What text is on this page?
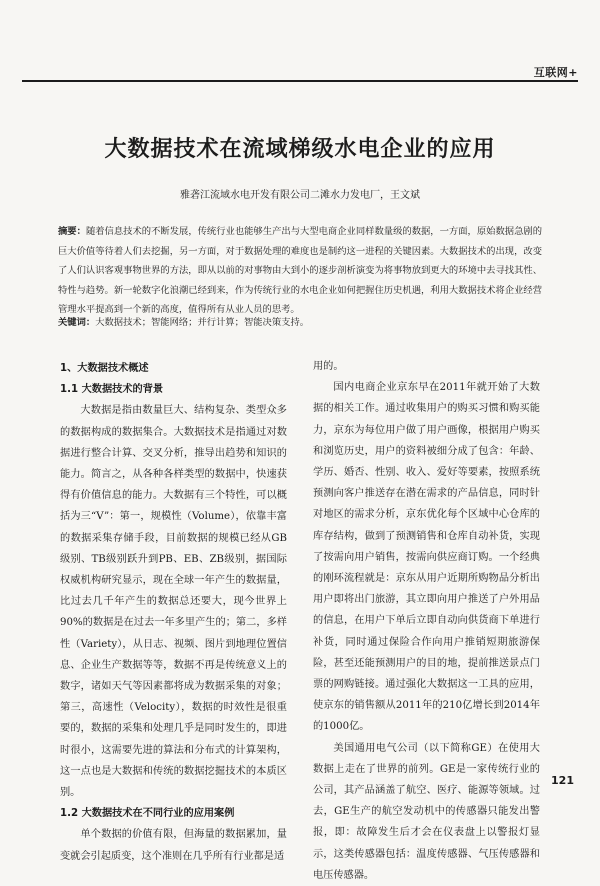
互联网+
大数据技术在流域梯级水电企业的应用
雅砻江流域水电开发有限公司二滩水力发电厂，王文斌
摘要：随着信息技术的不断发展，传统行业也能够生产出与大型电商企业同样数量级的数据，一方面，原始数据急剧的巨大价值等待着人们去挖掘，另一方面，对于数据处理的难度也是制约这一进程的关键因素。大数据技术的出现，改变了人们认识客观事物世界的方法，即从以前的对事物由大到小的逐步剖析演变为将事物放到更大的环境中去寻找其性、特性与趋势。新一轮数字化浪潮已经到来，作为传统行业的水电企业如何把握住历史机遇，利用大数据技术将企业经营管理水平提高到一个新的高度，值得所有从业人员的思考。
关键词：大数据技术；智能网络；并行计算；智能决策支持。
1、大数据技术概述
1.1 大数据技术的背景

大数据是指由数量巨大、结构复杂、类型众多的数据构成的数据集合。大数据技术是指通过对数据进行整合计算、交叉分析，推导出趋势和知识的能力。简言之，从各种各样类型的数据中，快速获得有价值信息的能力。大数据有三个特性，可以概括为三“V”：第一，规模性（Volume），依靠丰富的数据采集存储手段，目前数据的规模已经从GB级别、TB级别跃升到PB、EB、ZB级别，据国际权威机构研究显示，现在全球一年产生的数据量，比过去几千年产生的数据总还要大，现今世界上90%的数据是在过去一年多里产生的；第二，多样性（Variety），从日志、视频、图片到地理位置信息、企业生产数据等等，数据不再是传统意义上的数字，诸如天气等因素都将成为数据采集的对象；第三，高速性（Velocity），数据的时效性是很重要的，数据的采集和处理几乎是同时发生的，即进时很小，这需要先进的算法和分布式的计算架构，这一点也是大数据和传统的数据挖掘技术的本质区别。

1.2 大数据技术在不同行业的应用案例

单个数据的价值有限，但海量的数据累加，量变就会引起质变，这个准则在几乎所有行业都是适

用的。

国内电商企业京东早在2011年就开始了大数据的相关工作。通过收集用户的购买习惯和购买能力，京东为每位用户做了用户画像，根据用户购买和浏览历史，用户的资料被细分成了包含：年龄、学历、婚否、性别、收入、爱好等要素，按照系统预测向客户推送存在潜在需求的产品信息，同时针对地区的需求分析，京东优化每个区域中心仓库的库存结构，做到了预测销售和仓库自动补货，实现了按需向用户销售，按需向供应商订购。一个经典的刚环流程就是：京东从用户近期所购物品分析出用户即将出门旅游，其立即向用户推送了户外用品的信息，在用户下单后立即自动向供货商下单进行补货，同时通过保险合作向用户推销短期旅游保险，甚至还能预测用户的目的地，提前推送景点门票的网购链接。通过强化大数据这一工具的应用，使京东的销售额从2011年的210亿增长到2014年的1000亿。

美国通用电气公司（以下简称GE）在使用大数据上走在了世界的前列。GE是一家传统行业的公司，其产品涵盖了航空、医疗、能源等领域。过去，GE生产的航空发动机中的传感器只能发出警报，即：故障发生后才会在仪表盘上以警报灯显示，这类传感器包括：温度传感器、气压传感器和电压传感器。

121
